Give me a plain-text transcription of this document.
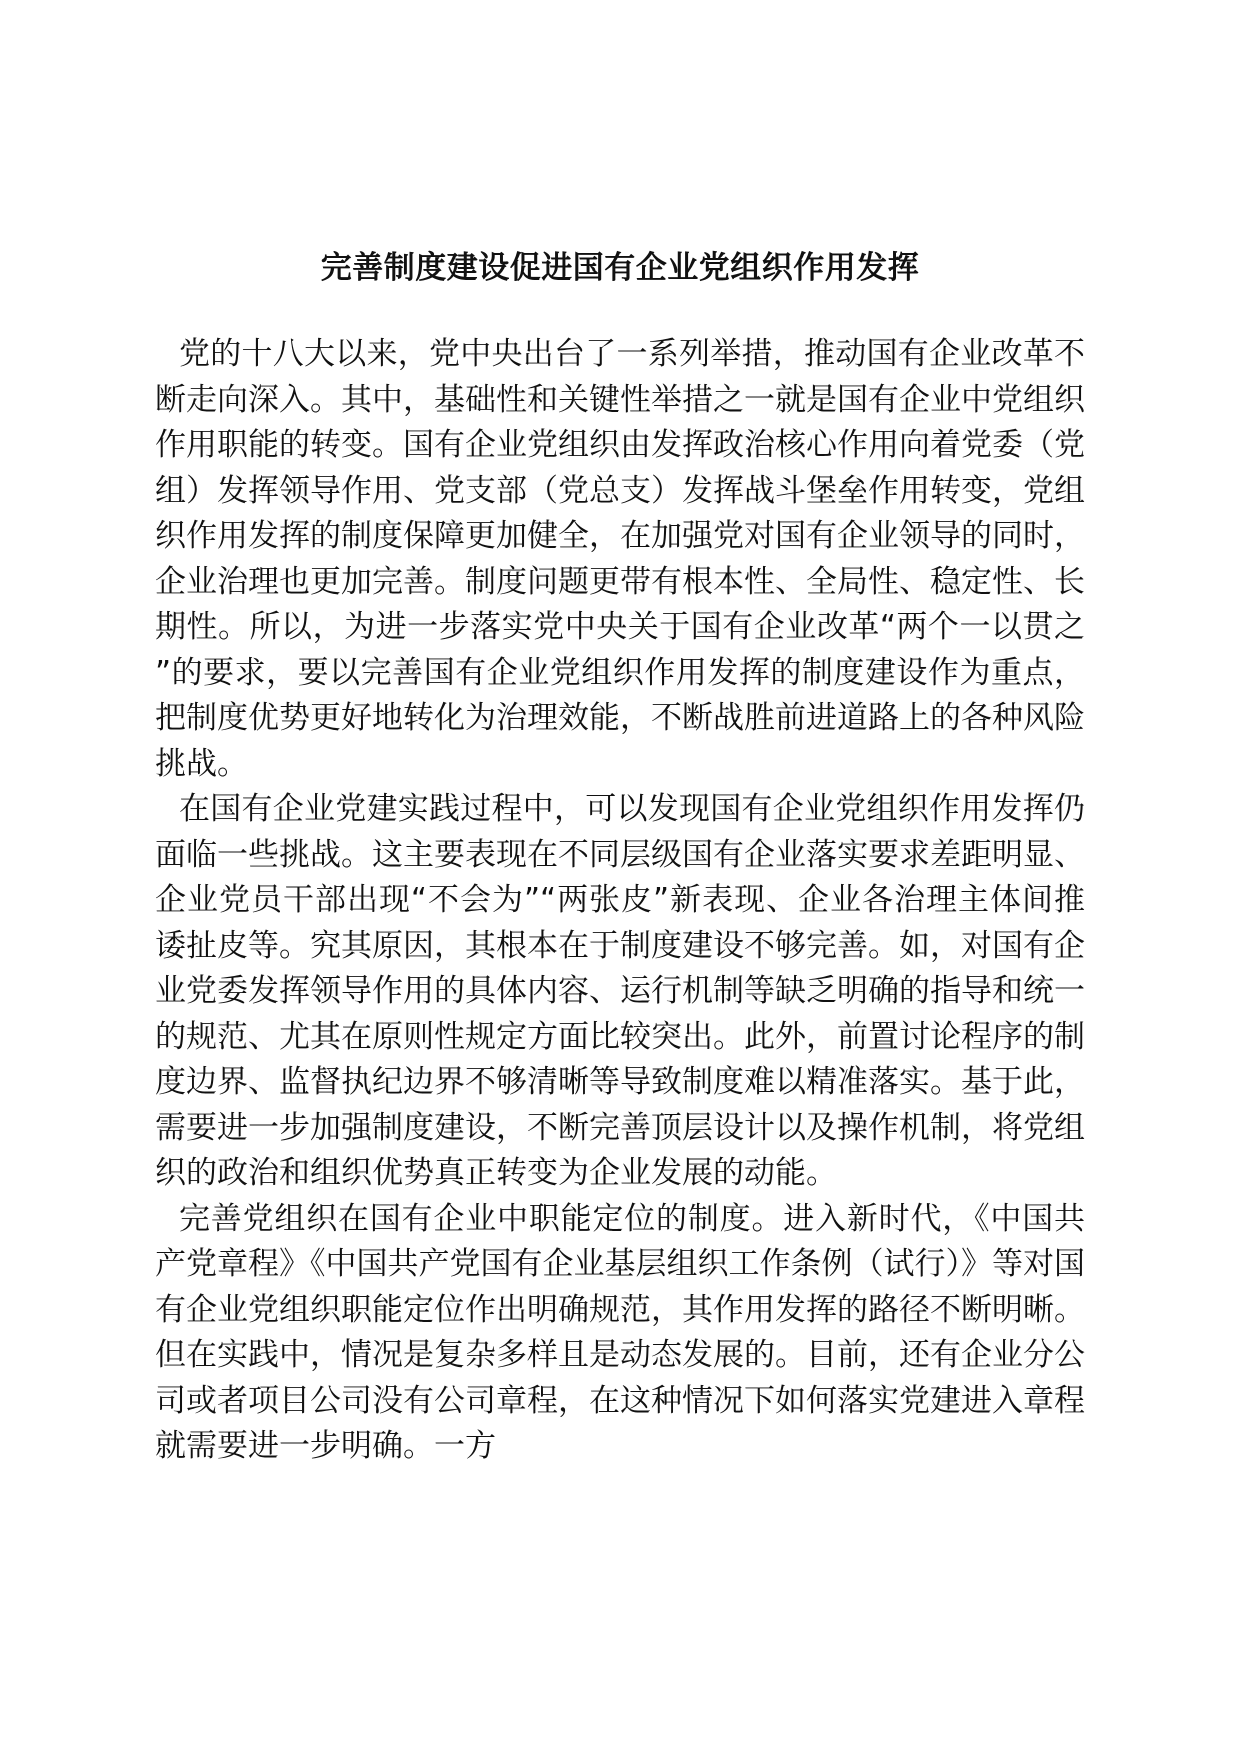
完善制度建设促进国有企业党组织作用发挥

党的十八大以来，党中央出台了一系列举措，推动国有企业改革不断走向深入。其中，基础性和关键性举措之一就是国有企业中党组织作用职能的转变。国有企业党组织由发挥政治核心作用向着党委（党组）发挥领导作用、党支部（党总支）发挥战斗堡垒作用转变，党组织作用发挥的制度保障更加健全，在加强党对国有企业领导的同时，企业治理也更加完善。制度问题更带有根本性、全局性、稳定性、长期性。所以，为进一步落实党中央关于国有企业改革“两个一以贯之”的要求，要以完善国有企业党组织作用发挥的制度建设作为重点，把制度优势更好地转化为治理效能，不断战胜前进道路上的各种风险挑战。

在国有企业党建实践过程中，可以发现国有企业党组织作用发挥仍面临一些挑战。这主要表现在不同层级国有企业落实要求差距明显、企业党员干部出现“不会为”“两张皮”新表现、企业各治理主体间推诿扯皮等。究其原因，其根本在于制度建设不够完善。如，对国有企业党委发挥领导作用的具体内容、运行机制等缺乏明确的指导和统一的规范、尤其在原则性规定方面比较突出。此外，前置讨论程序的制度边界、监督执纪边界不够清晰等导致制度难以精准落实。基于此，需要进一步加强制度建设，不断完善顶层设计以及操作机制，将党组织的政治和组织优势真正转变为企业发展的动能。

完善党组织在国有企业中职能定位的制度。进入新时代，《中国共产党章程》《中国共产党国有企业基层组织工作条例（试行）》等对国有企业党组织职能定位作出明确规范，其作用发挥的路径不断明晰。但在实践中，情况是复杂多样且是动态发展的。目前，还有企业分公司或者项目公司没有公司章程，在这种情况下如何落实党建进入章程就需要进一步明确。一方
